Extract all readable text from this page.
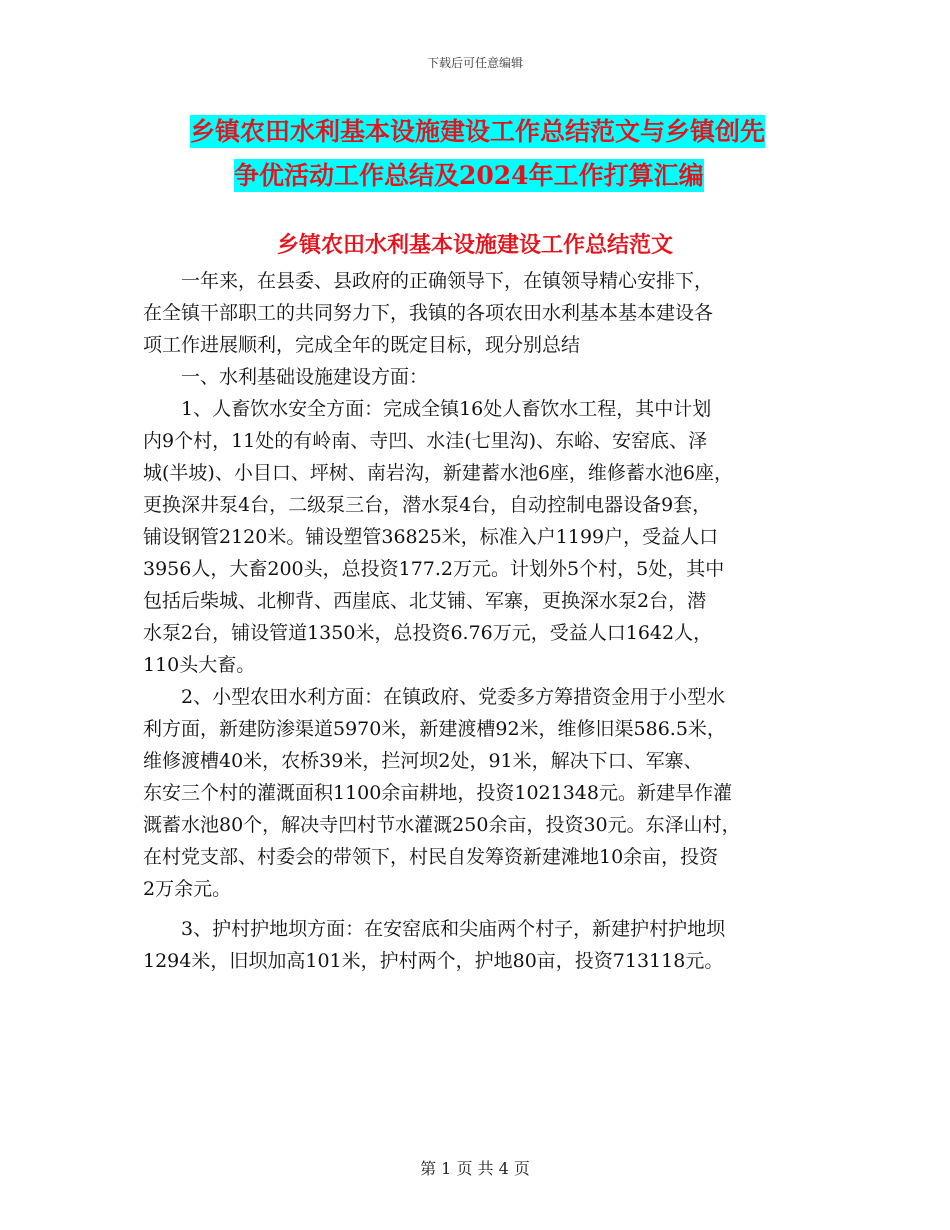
下载后可任意编辑
乡镇农田水利基本设施建设工作总结范文与乡镇创先

争优活动工作总结及2024年工作打算汇编
乡镇农田水利基本设施建设工作总结范文

　　一年来，在县委、县政府的正确领导下，在镇领导精心安排下，

在全镇干部职工的共同努力下，我镇的各项农田水利基本基本建设各

项工作进展顺利，完成全年的既定目标，现分别总结

　　一、水利基础设施建设方面：

　　1、人畜饮水安全方面：完成全镇16处人畜饮水工程，其中计划

内9个村，11处的有岭南、寺凹、水洼(七里沟)、东峪、安窑底、泽

城(半坡)、小目口、坪树、南岩沟，新建蓄水池6座，维修蓄水池6座，

更换深井泵4台，二级泵三台，潜水泵4台，自动控制电器设备9套，

铺设钢管2120米。铺设塑管36825米，标准入户1199户，受益人口

3956人，大畜200头，总投资177.2万元。计划外5个村，5处，其中

包括后柴城、北柳背、西崖底、北艾铺、军寨，更换深水泵2台，潜

水泵2台，铺设管道1350米，总投资6.76万元，受益人口1642人，

110头大畜。

　　2、小型农田水利方面：在镇政府、党委多方筹措资金用于小型水

利方面，新建防渗渠道5970米，新建渡槽92米，维修旧渠586.5米，

维修渡槽40米，农桥39米，拦河坝2处，91米，解决下口、军寨、

东安三个村的灌溉面积1100余亩耕地，投资1021348元。新建旱作灌

溉蓄水池80个，解决寺凹村节水灌溉250余亩，投资30元。东泽山村，

在村党支部、村委会的带领下，村民自发筹资新建滩地10余亩，投资

2万余元。

　　3、护村护地坝方面：在安窑底和尖庙两个村子，新建护村护地坝

1294米，旧坝加高101米，护村两个，护地80亩，投资713118元。

第 1 页 共 4 页
